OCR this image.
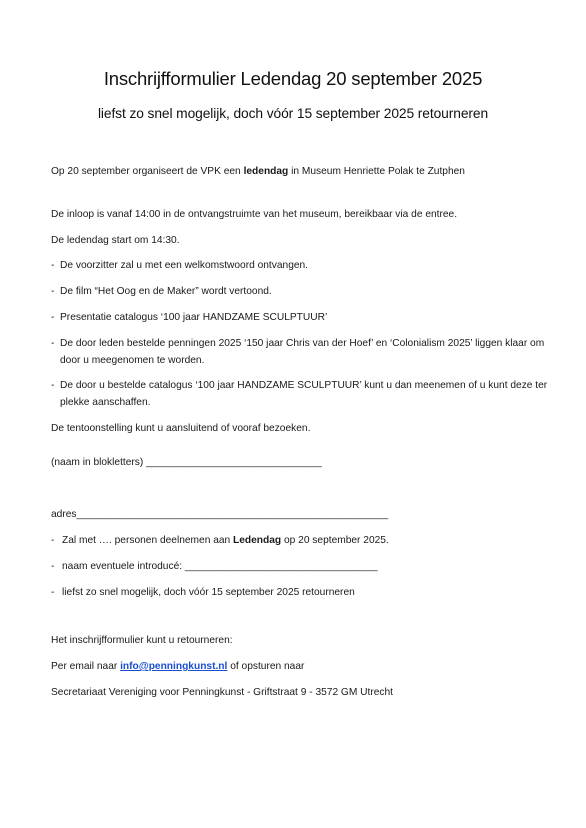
Inschrijfformulier Ledendag 20 september 2025
liefst zo snel mogelijk, doch vóór 15 september 2025 retourneren
Op 20 september organiseert de VPK een ledendag in Museum Henriette Polak te Zutphen
De inloop is vanaf 14:00 in de ontvangstruimte van het museum, bereikbaar via de entree.
De ledendag start om 14:30.
- De voorzitter zal u met een welkomstwoord ontvangen.
- De film “Het Oog en de Maker” wordt vertoond.
- Presentatie catalogus ‘100 jaar HANDZAME SCULPTUUR’
- De door leden bestelde penningen 2025 ‘150 jaar Chris van der Hoef’ en ‘Colonialism 2025’ liggen klaar om door u meegenomen te worden.
- De door u bestelde catalogus ‘100 jaar HANDZAME SCULPTUUR’ kunt u dan meenemen of u kunt deze ter plekke aanschaffen.
De tentoonstelling kunt u aansluitend of vooraf bezoeken.
(naam in blokletters) _______________________________
adres_______________________________________________________
- Zal met …. personen deelnemen aan Ledendag op 20 september 2025.
- naam eventuele introducé: __________________________________
- liefst zo snel mogelijk, doch vóór 15 september 2025 retourneren
Het inschrijfformulier kunt u retourneren:
Per email naar info@penningkunst.nl of opsturen naar
Secretariaat Vereniging voor Penningkunst - Griftstraat 9 - 3572 GM Utrecht
